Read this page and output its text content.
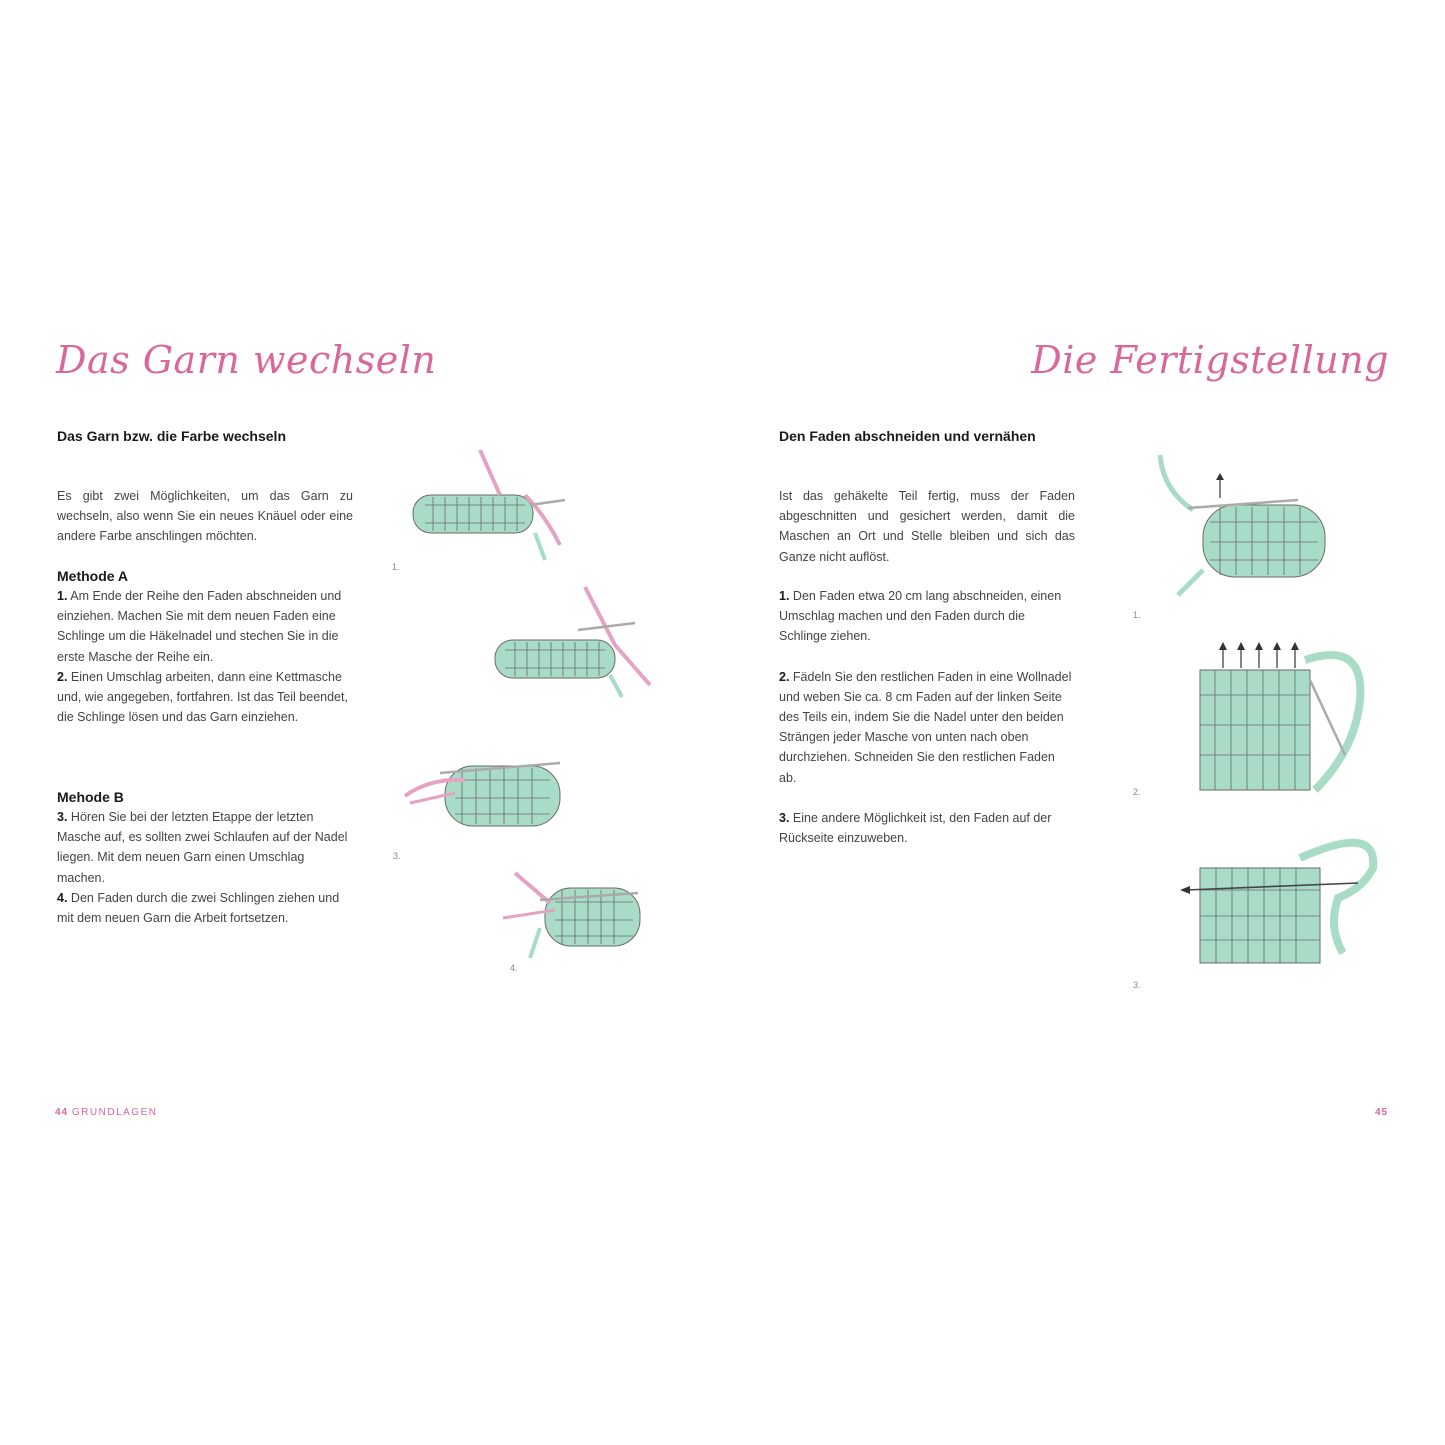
Das Garn wechseln
Das Garn bzw. die Farbe wechseln

Es gibt zwei Möglichkeiten, um das Garn zu wechseln, also wenn Sie ein neues Knäuel oder eine andere Farbe anschlingen möchten.

Methode A

1. Am Ende der Reihe den Faden abschneiden und einziehen. Machen Sie mit dem neuen Faden eine Schlinge um die Häkelnadel und stechen Sie in die erste Masche der Reihe ein.

2. Einen Umschlag arbeiten, dann eine Kettmasche und, wie angegeben, fortfahren. Ist das Teil beendet, die Schlinge lösen und das Garn einziehen.

Mehode B

3. Hören Sie bei der letzten Etappe der letzten Masche auf, es sollten zwei Schlaufen auf der Nadel liegen. Mit dem neuen Garn einen Umschlag machen.

4. Den Faden durch die zwei Schlingen ziehen und mit dem neuen Garn die Arbeit fortsetzen.

1.
3.
4.
44 GRUNDLAGEN
Die Fertigstellung
Den Faden abschneiden und vernähen

Ist das gehäkelte Teil fertig, muss der Faden abgeschnitten und gesichert werden, damit die Maschen an Ort und Stelle bleiben und sich das Ganze nicht auflöst.

1. Den Faden etwa 20 cm lang abschneiden, einen Umschlag machen und den Faden durch die Schlinge ziehen.

2. Fädeln Sie den restlichen Faden in eine Wollnadel und weben Sie ca. 8 cm Faden auf der linken Seite des Teils ein, indem Sie die Nadel unter den beiden Strängen jeder Masche von unten nach oben durchziehen. Schneiden Sie den restlichen Faden ab.

3. Eine andere Möglichkeit ist, den Faden auf der Rückseite einzuweben.

1.
2.
3.
45
